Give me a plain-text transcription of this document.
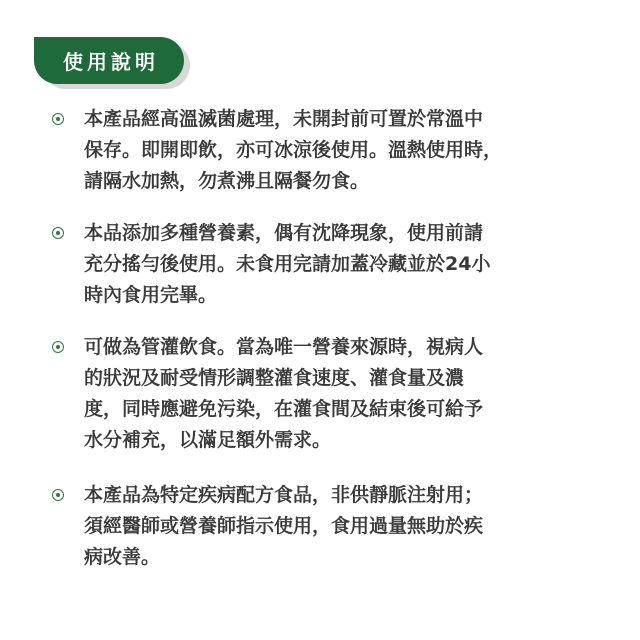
使用說明
本產品經高溫滅菌處理，未開封前可置於常溫中
保存。即開即飲，亦可冰涼後使用。溫熱使用時，
請隔水加熱，勿煮沸且隔餐勿食。
本品添加多種營養素，偶有沈降現象，使用前請
充分搖勻後使用。未食用完請加蓋冷藏並於24小
時內食用完畢。
可做為管灌飲食。當為唯一營養來源時，視病人
的狀況及耐受情形調整灌食速度、灌食量及濃
度，同時應避免污染，在灌食間及結束後可給予
水分補充，以滿足額外需求。
本產品為特定疾病配方食品，非供靜脈注射用；
須經醫師或營養師指示使用，食用過量無助於疾
病改善。
